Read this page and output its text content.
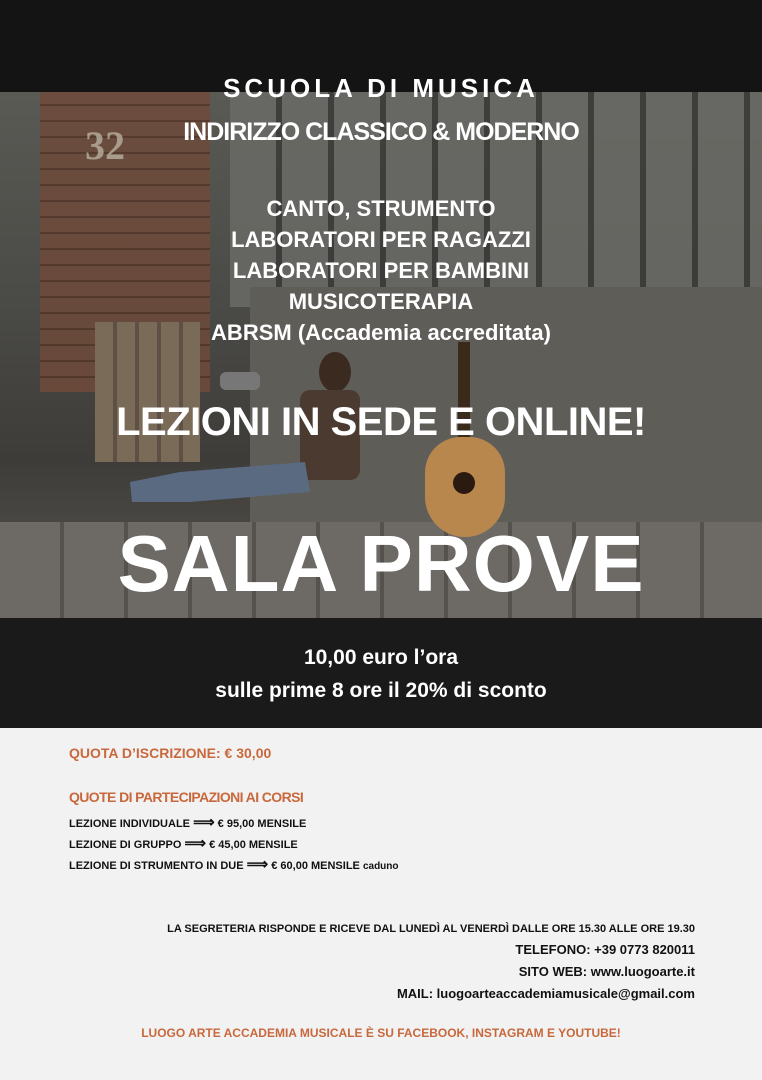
32
SCUOLA DI MUSICA
INDIRIZZO CLASSICO & MODERNO
CANTO, STRUMENTO
LABORATORI PER RAGAZZI
LABORATORI PER BAMBINI
MUSICOTERAPIA
ABRSM (Accademia accreditata)
LEZIONI IN SEDE E ONLINE!
SALA PROVE
10,00 euro l’ora
sulle prime 8 ore il 20% di sconto
QUOTA D’ISCRIZIONE: € 30,00
QUOTE DI PARTECIPAZIONI AI CORSI
LEZIONE INDIVIDUALE ⟹ € 95,00 MENSILE
LEZIONE DI GRUPPO ⟹ € 45,00 MENSILE
LEZIONE DI STRUMENTO IN DUE ⟹ € 60,00 MENSILE caduno
LA SEGRETERIA RISPONDE E RICEVE DAL LUNEDÌ AL VENERDÌ DALLE ORE 15.30 ALLE ORE 19.30
TELEFONO: +39 0773 820011
SITO WEB: www.luogoarte.it
MAIL: luogoarteaccademiamusicale@gmail.com
LUOGO ARTE ACCADEMIA MUSICALE È SU FACEBOOK, INSTAGRAM E YOUTUBE!
